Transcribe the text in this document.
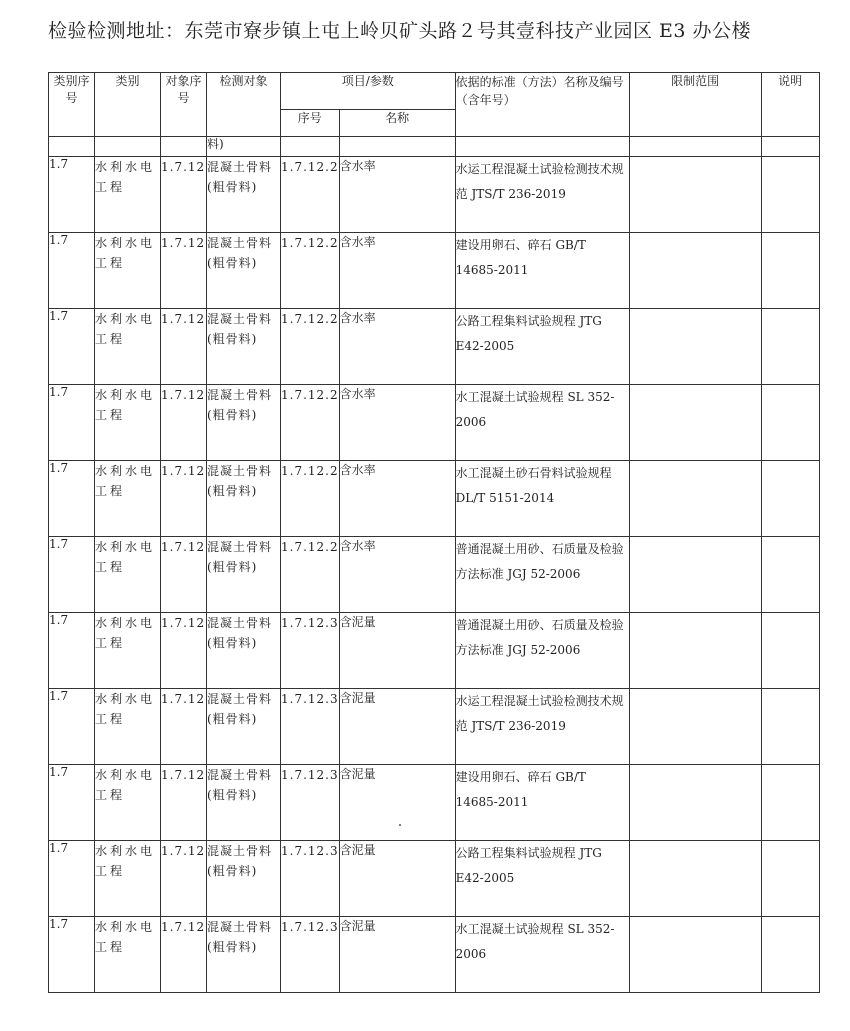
检验检测地址：东莞市寮步镇上屯上岭贝矿头路２号其壹科技产业园区 E3 办公楼
类别序号	类别	对象序号	检测对象	项目/参数		依据的标准（方法）名称及编号（含年号）	限制范围	说明
				序号	名称			
			料)					
1.7	水利水电工程	1.7.12	混凝土骨料(粗骨料)	1.7.12.2	含水率	水运工程混凝土试验检测技术规范 JTS/T 236-2019		
1.7	水利水电工程	1.7.12	混凝土骨料(粗骨料)	1.7.12.2	含水率	建设用卵石、碎石 GB/T 14685-2011		
1.7	水利水电工程	1.7.12	混凝土骨料(粗骨料)	1.7.12.2	含水率	公路工程集料试验规程 JTG E42-2005		
1.7	水利水电工程	1.7.12	混凝土骨料(粗骨料)	1.7.12.2	含水率	水工混凝土试验规程 SL 352-2006		
1.7	水利水电工程	1.7.12	混凝土骨料(粗骨料)	1.7.12.2	含水率	水工混凝土砂石骨料试验规程 DL/T 5151-2014		
1.7	水利水电工程	1.7.12	混凝土骨料(粗骨料)	1.7.12.2	含水率	普通混凝土用砂、石质量及检验方法标准 JGJ 52-2006		
1.7	水利水电工程	1.7.12	混凝土骨料(粗骨料)	1.7.12.3	含泥量	普通混凝土用砂、石质量及检验方法标准 JGJ 52-2006		
1.7	水利水电工程	1.7.12	混凝土骨料(粗骨料)	1.7.12.3	含泥量	水运工程混凝土试验检测技术规范 JTS/T 236-2019		
1.7	水利水电工程	1.7.12	混凝土骨料(粗骨料)	1.7.12.3	含泥量	建设用卵石、碎石 GB/T 14685-2011		
1.7	水利水电工程	1.7.12	混凝土骨料(粗骨料)	1.7.12.3	含泥量	公路工程集料试验规程 JTG E42-2005		
1.7	水利水电工程	1.7.12	混凝土骨料(粗骨料)	1.7.12.3	含泥量	水工混凝土试验规程 SL 352-2006		
